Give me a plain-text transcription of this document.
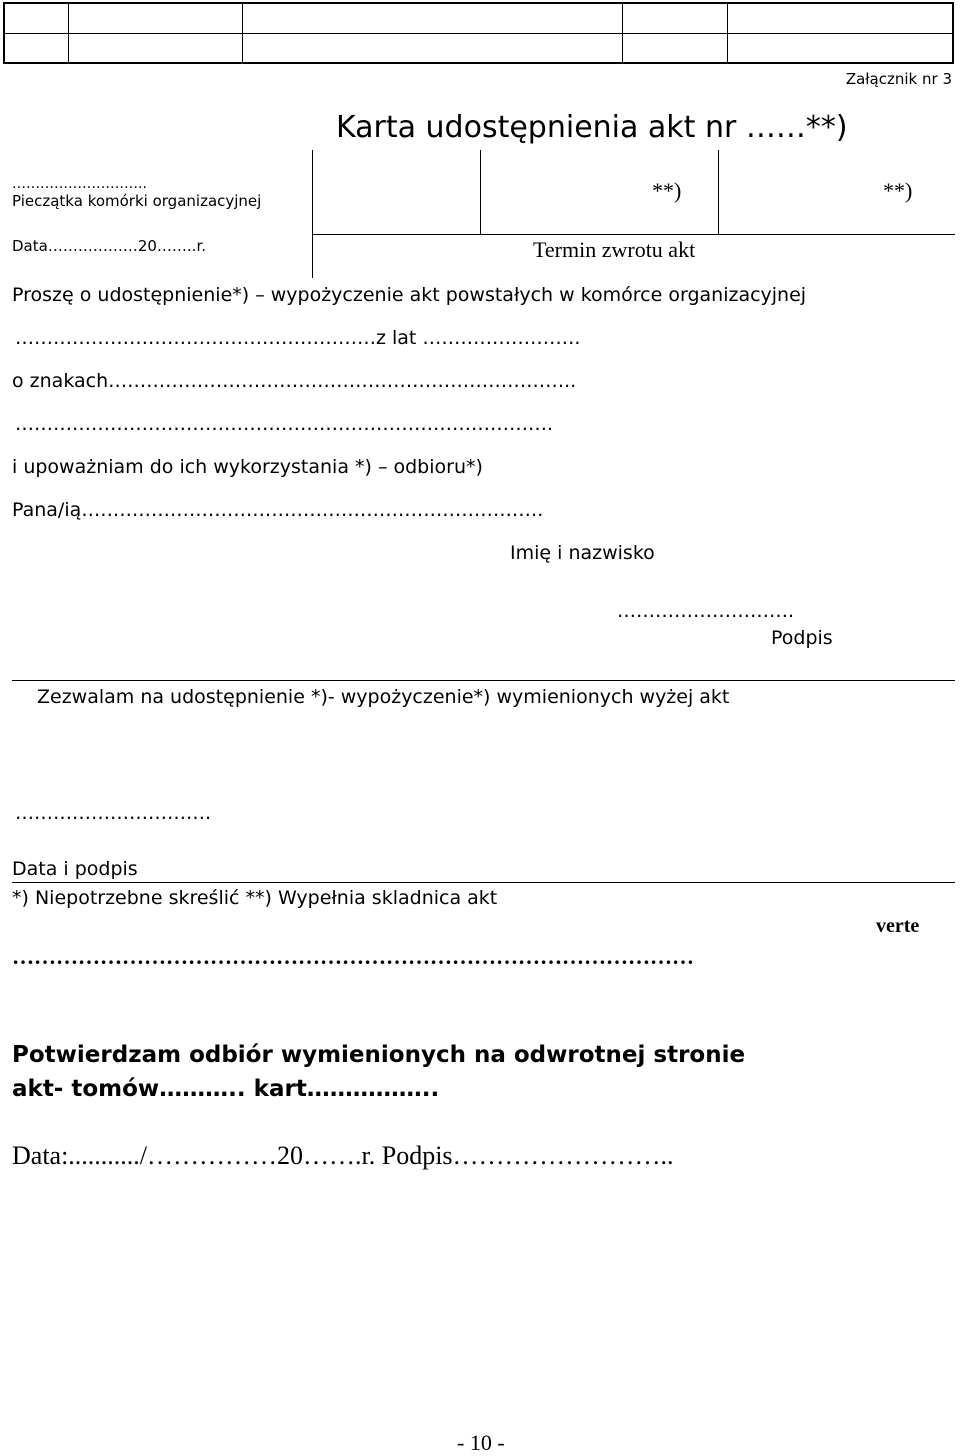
Załącznik nr 3
Karta udostępnienia akt nr ……**)
………………………..
Pieczątka komórki organizacyjnej
Data………………20……..r.
**)	**)
Termin zwrotu akt
Proszę o udostępnienie*) – wypożyczenie akt powstałych w komórce organizacyjnej
…………………………………………………z lat …………………….
o znakach………………………………………………………………..
………………………………………………………………………….
i upoważniam do ich wykorzystania *) – odbioru*)
Pana/ią……………………………………………………………….
Imię i nazwisko
……………………….
Podpis
Zezwalam na udostępnienie *)- wypożyczenie*) wymienionych wyżej akt
………………………….
Data i podpis
*) Niepotrzebne skreślić **) Wypełnia skladnica akt
verte
…………………………………………………………………………………
Potwierdzam odbiór wymienionych na odwrotnej stronie
akt- tomów……….. kart……………..
Data:.........../……………20…….r. Podpis……………………..
- 10 -
